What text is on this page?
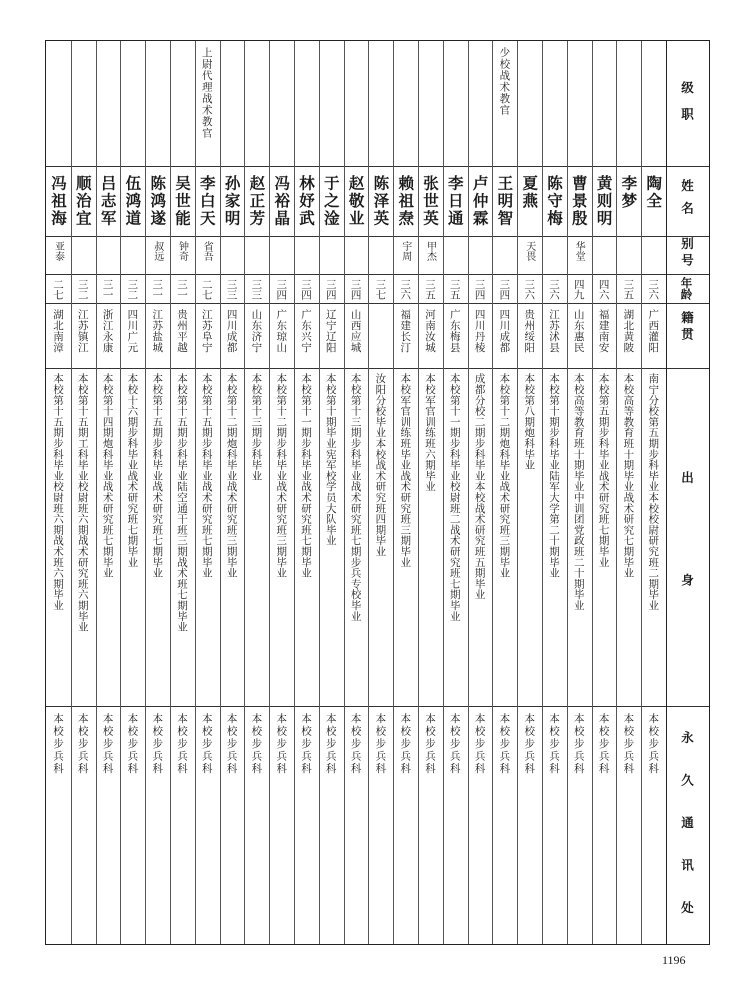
级职
姓名
别号
年龄
籍贯
出身
永久通讯处
陶全
三六
广西灌阳
南宁分校第五期步科毕业本校校尉研究班二期毕业
本校步兵科
李梦
三五
湖北黄陂
本校高等教育班十期毕业战术研究七期毕业
本校步兵科
黄则明
四六
福建南安
本校第五期步科毕业战术研究班七期毕业
本校步兵科
曹景殷
华堂
四九
山东惠民
本校高等教育班十期毕业中训团党政班二十期毕业
本校步兵科
陈守梅
三六
江苏沭县
本校第十期步科毕业陆军大学第二十期毕业
本校步兵科
夏燕
天畏
三六
贵州绥阳
本校第八期炮科毕业
本校步兵科
少校战术教官
王明智
三四
四川成都
本校第十二期炮科毕业战术研究班三期毕业
本校步兵科
卢仲霖
三四
四川丹棱
成都分校二期步科毕业本校战术研究班五期毕业
本校步兵科
李日通
三五
广东梅县
本校第十一期步科毕业校尉班二战术研究班七期毕业
本校步兵科
张世英
甲杰
三五
河南汝城
本校军官训练班六期毕业
本校步兵科
赖祖焘
宇周
三六
福建长汀
本校军官训练班毕业战术研究班三期毕业
本校步兵科
陈泽英
三七
汝阳分校毕业本校战术研究班四期毕业
本校步兵科
赵敬业
三四
山西应城
本校第十三期步科毕业战术研究班七期步兵专校毕业
本校步兵科
于之淦
三四
辽宁辽阳
本校第十期毕业宪军校学员大队毕业
本校步兵科
林妤武
三四
广东兴宁
本校第十一期步科毕业战术研究班七期毕业
本校步兵科
冯裕晶
三四
广东琼山
本校第十二期步科毕业战术研究班三期毕业
本校步兵科
赵正芳
三三
山东济宁
本校第十三期步科毕业
本校步兵科
孙家明
三三
四川成都
本校第十二期炮科毕业战术研究班三期毕业
本校步兵科
上尉代理战术教官
李白天
省吾
二七
江苏阜宁
本校第十五期步科毕业战术研究班七期毕业
本校步兵科
吴世能
钟奇
三一
贵州平越
本校第十五期步科毕业陆空通干班三期战术班七期毕业
本校步兵科
陈鸿遂
叔远
三一
江苏盐城
本校第十五期步科毕业战术研究班七期毕业
本校步兵科
伍鸿道
三二
四川广元
本校十六期步科毕业战术研究班七期毕业
本校步兵科
吕志军
三一
浙江永康
本校第十四期炮科毕业战术研究班七期毕业
本校步兵科
顺治宜
三二
江苏镇江
本校第十五期工科毕业校尉班六期战术研究班六期毕业
本校步兵科
冯祖海
亚泰
二七
湖北南漳
本校第十五期步科毕业校尉班六期战术班六期毕业
本校步兵科
1196
